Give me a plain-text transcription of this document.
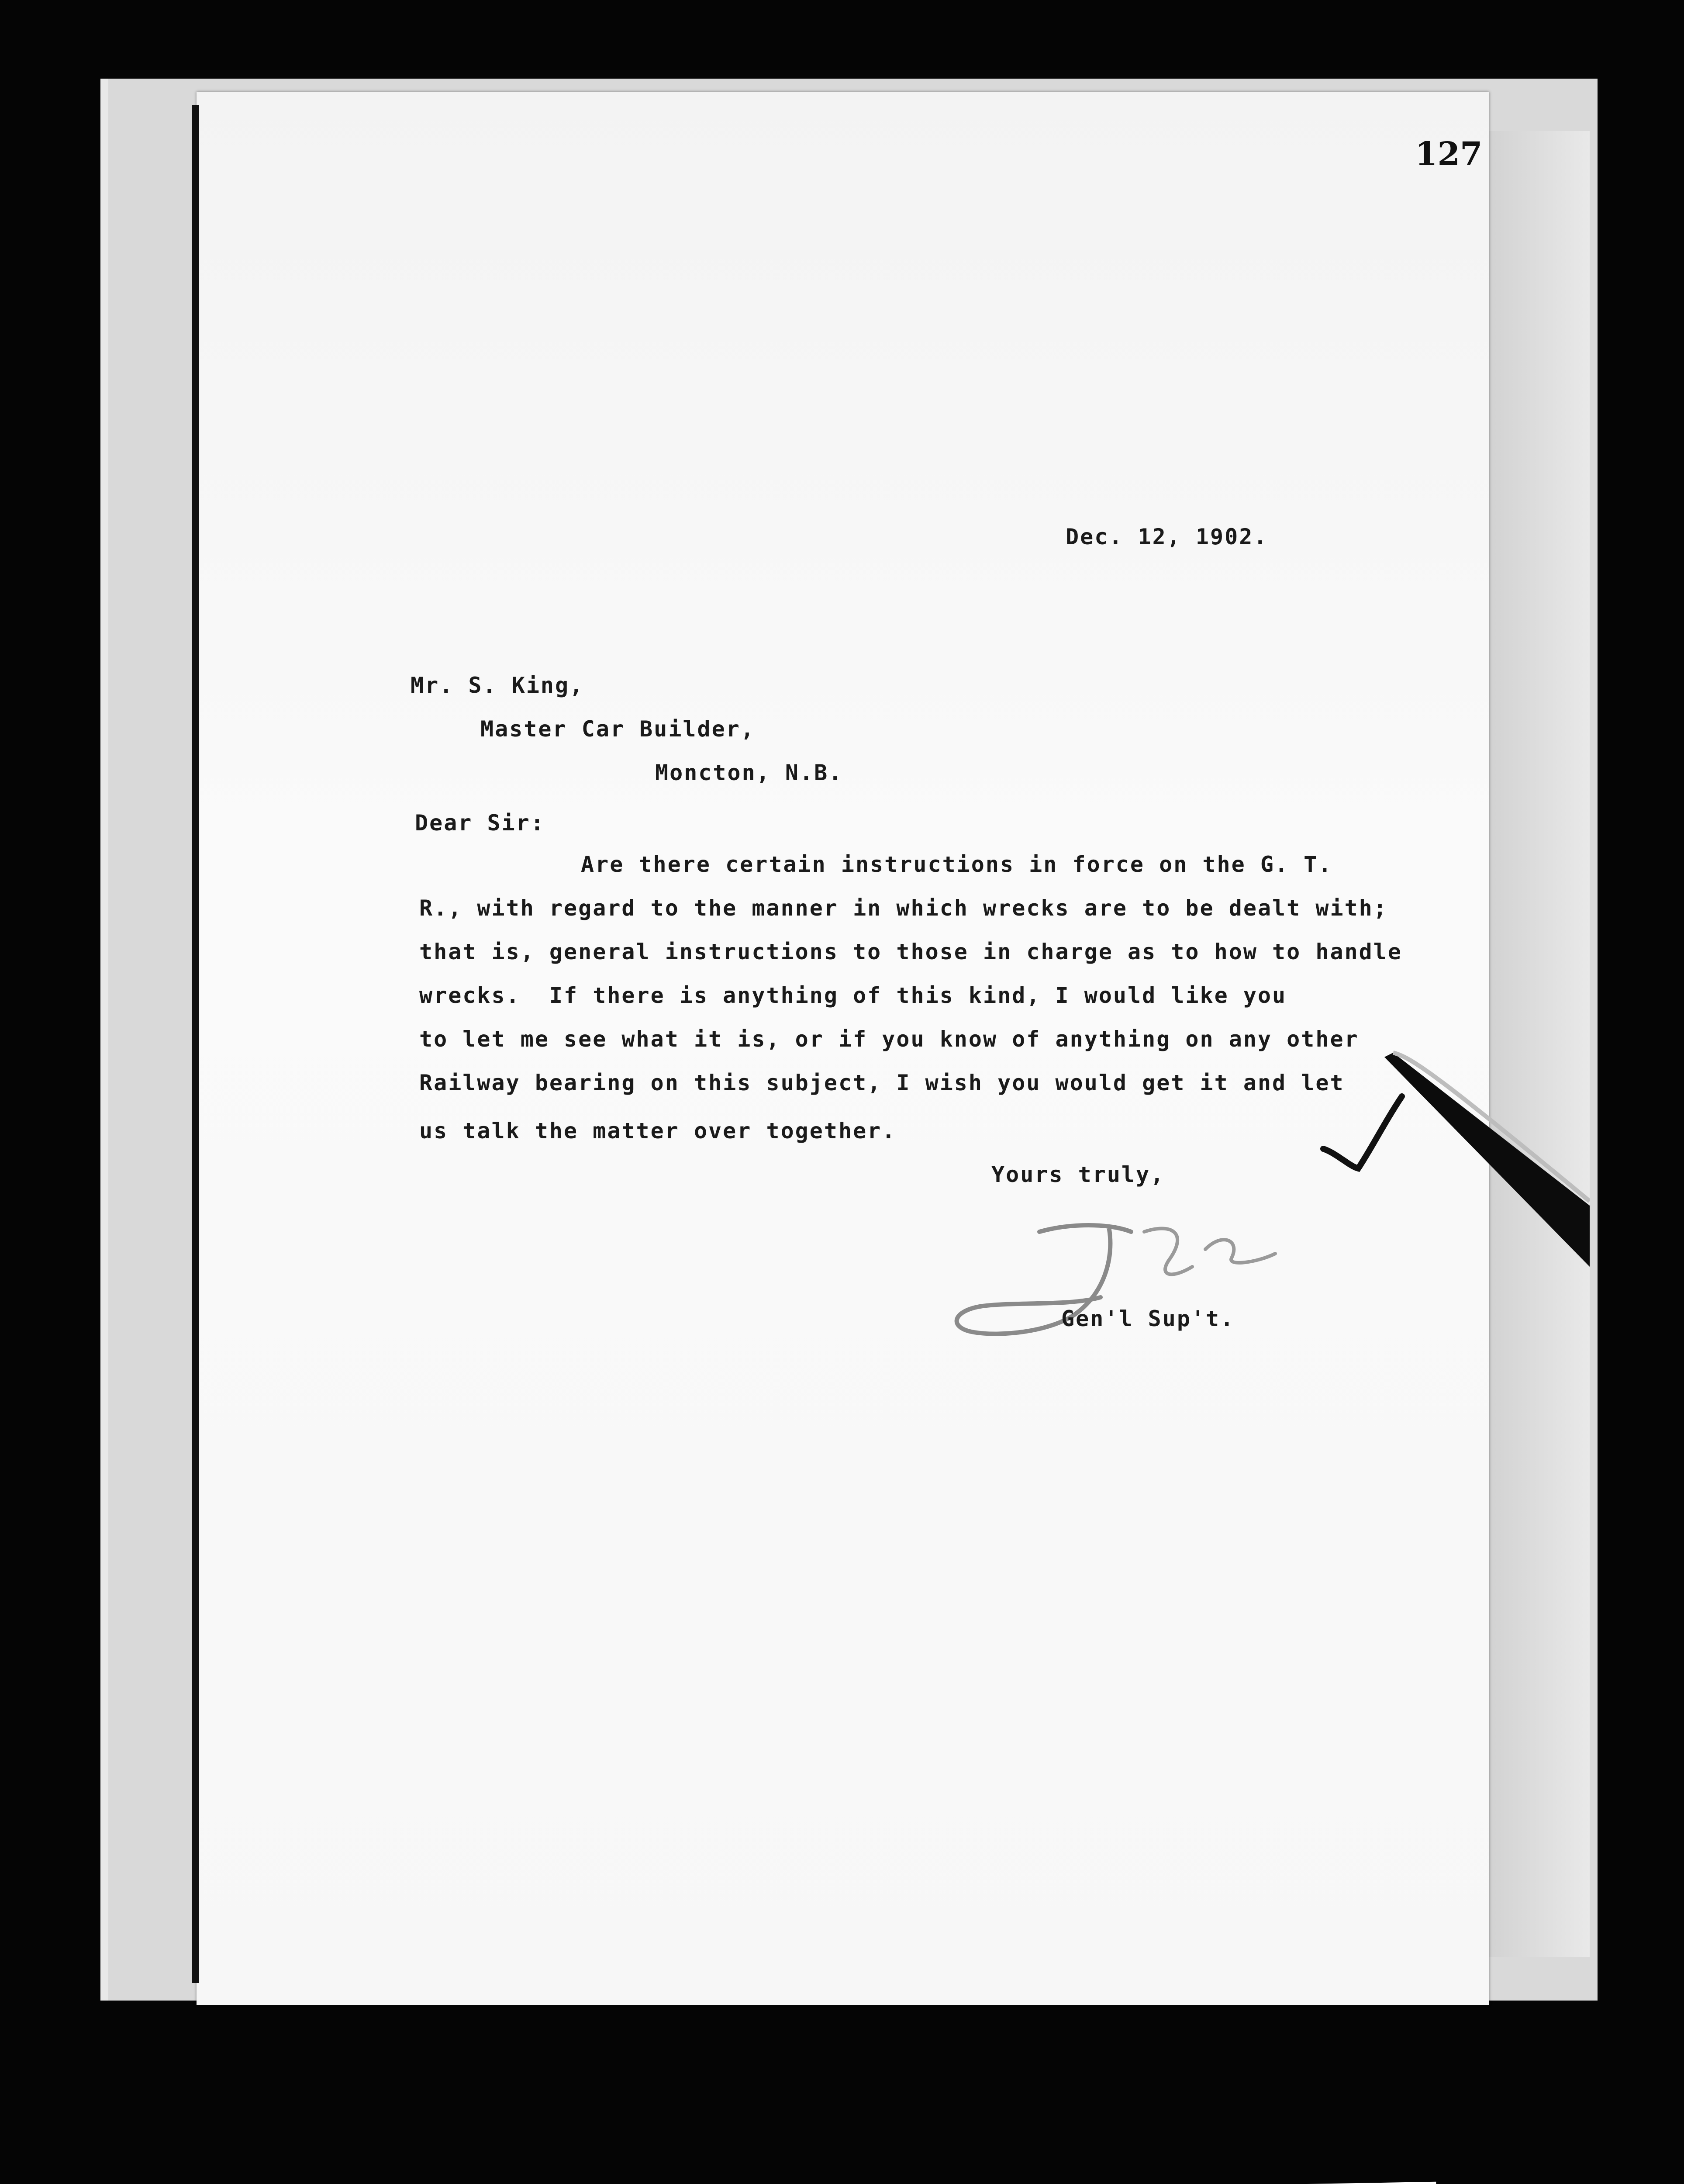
127
Dec. 12, 1902.
Mr. S. King,
Master Car Builder,
Moncton, N.B.
Dear Sir:
Are there certain instructions in force on the G. T.
R., with regard to the manner in which wrecks are to be dealt with;
that is, general instructions to those in charge as to how to handle
wrecks.  If there is anything of this kind, I would like you
to let me see what it is, or if you know of anything on any other
Railway bearing on this subject, I wish you would get it and let
us talk the matter over together.
Yours truly,
Gen'l Sup't.
